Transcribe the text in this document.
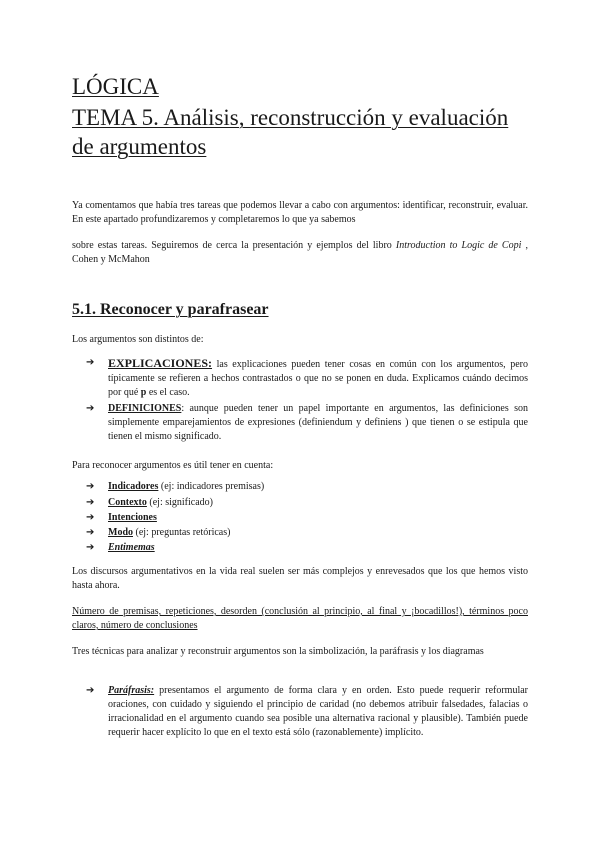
LÓGICA
TEMA 5. Análisis, reconstrucción y evaluación
de argumentos
Ya comentamos que había tres tareas que podemos llevar a cabo con argumentos: identificar, reconstruir, evaluar. En este apartado profundizaremos y completaremos lo que ya sabemos
sobre estas tareas. Seguiremos de cerca la presentación y ejemplos del libro Introduction to Logic de Copi , Cohen y McMahon
5.1. Reconocer y parafrasear
Los argumentos son distintos de:
➔	EXPLICACIONES: las explicaciones pueden tener cosas en común con los argumentos, pero típicamente se refieren a hechos contrastados o que no se ponen en duda. Explicamos cuándo decimos por qué p es el caso.
➔	DEFINICIONES: aunque pueden tener un papel importante en argumentos, las definiciones son simplemente emparejamientos de expresiones (definiendum y definiens ) que tienen o se estipula que tienen el mismo significado.
Para reconocer argumentos es útil tener en cuenta:
➔	Indicadores (ej: indicadores premisas)
➔	Contexto (ej: significado)
➔	Intenciones
➔	Modo (ej: preguntas retóricas)
➔	Entimemas
Los discursos argumentativos en la vida real suelen ser más complejos y enrevesados que los que hemos visto hasta ahora.
Número de premisas, repeticiones, desorden (conclusión al principio, al final y ¡bocadillos!), términos poco claros, número de conclusiones
Tres técnicas para analizar y reconstruir argumentos son la simbolización, la paráfrasis y los diagramas
➔	Paráfrasis: presentamos el argumento de forma clara y en orden. Esto puede requerir reformular oraciones, con cuidado y siguiendo el principio de caridad (no debemos atribuir falsedades, falacias o irracionalidad en el argumento cuando sea posible una alternativa racional y plausible). También puede requerir hacer explícito lo que en el texto está sólo (razonablemente) implícito.
